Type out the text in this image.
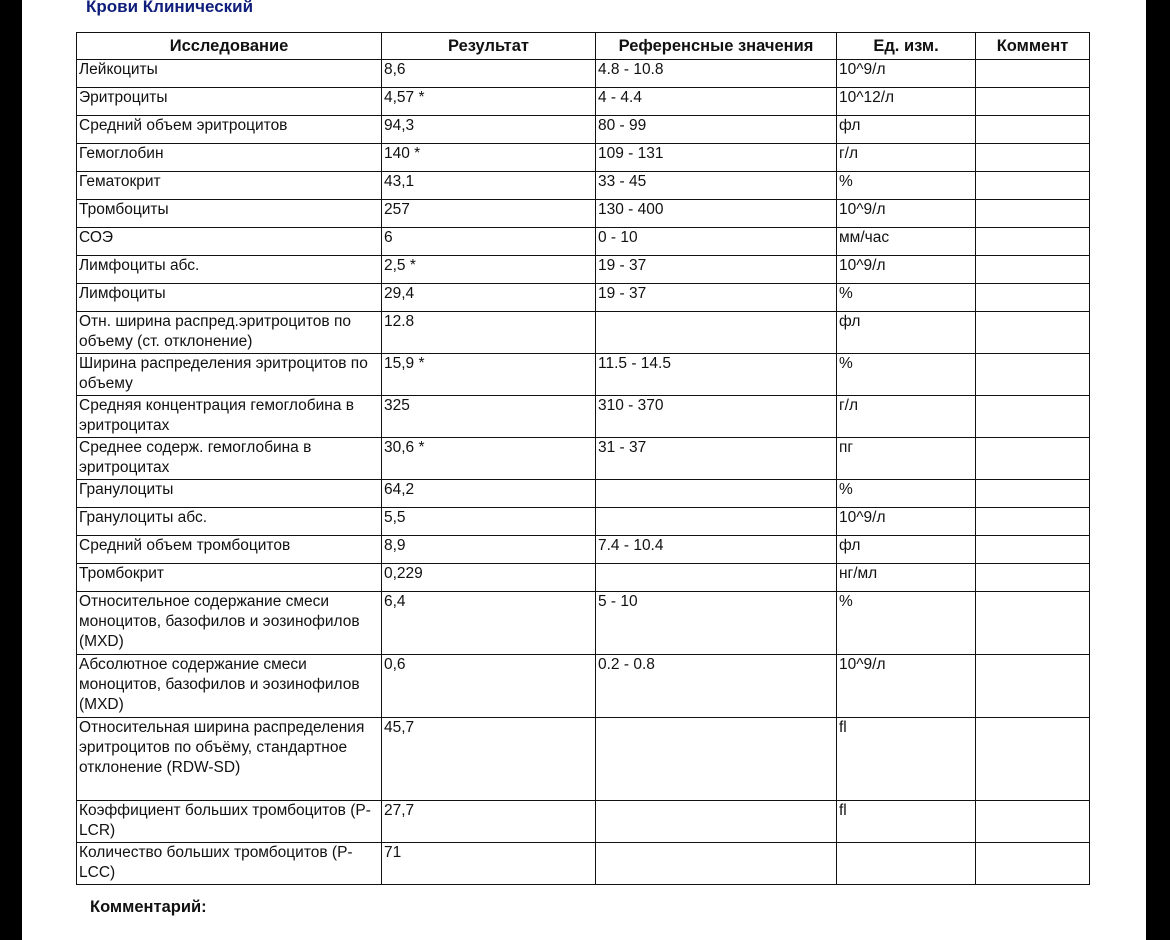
Крови Клинический
Исследование	Результат	Референсные значения	Ед. изм.	Коммент
Лейкоциты	8,6	4.8 - 10.8	10^9/л	
Эритроциты	4,57 *	4 - 4.4	10^12/л	
Средний объем эритроцитов	94,3	80 - 99	фл	
Гемоглобин	140 *	109 - 131	г/л	
Гематокрит	43,1	33 - 45	%	
Тромбоциты	257	130 - 400	10^9/л	
СОЭ	6	0 - 10	мм/час	
Лимфоциты абс.	2,5 *	19 - 37	10^9/л	
Лимфоциты	29,4	19 - 37	%	
Отн. ширина распред.эритроцитов по объему (ст. отклонение)	12.8		фл	
Ширина распределения эритроцитов по объему	15,9 *	11.5 - 14.5	%	
Средняя концентрация гемоглобина в эритроцитах	325	310 - 370	г/л	
Среднее содерж. гемоглобина в эритроцитах	30,6 *	31 - 37	пг	
Гранулоциты	64,2		%	
Гранулоциты абс.	5,5		10^9/л	
Средний объем тромбоцитов	8,9	7.4 - 10.4	фл	
Тромбокрит	0,229		нг/мл	
Относительное содержание смеси моноцитов, базофилов и эозинофилов (MXD)	6,4	5 - 10	%	
Абсолютное содержание смеси моноцитов, базофилов и эозинофилов (MXD)	0,6	0.2 - 0.8	10^9/л	
Относительная ширина распределения эритроцитов по объёму, стандартное отклонение (RDW-SD)	45,7		fl	
Коэффициент больших тромбоцитов (P-LCR)	27,7		fl	
Количество больших тромбоцитов (P-LCC)	71			
Комментарий:
